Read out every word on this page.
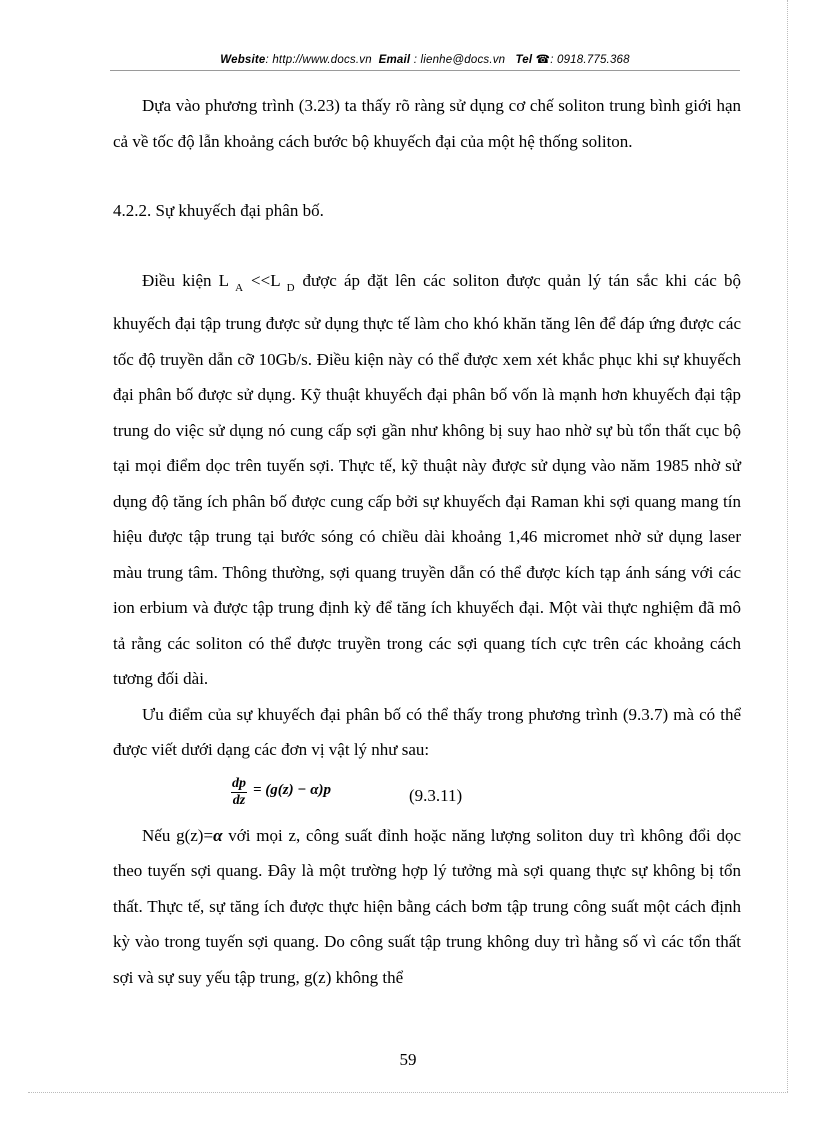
Website: http://www.docs.vn Email : lienhe@docs.vn Tel ☎: 0918.775.368

Dựa vào phương trình (3.23) ta thấy rõ ràng sử dụng cơ chế soliton trung bình giới hạn cả về tốc độ lẫn khoảng cách bước bộ khuyếch đại của một hệ thống soliton.

4.2.2. Sự khuyếch đại phân bố.

Điều kiện L $_A$ <<L $_D$ được áp đặt lên các soliton được quản lý tán sắc khi các bộ khuyếch đại tập trung được sử dụng thực tế làm cho khó khăn tăng lên để đáp ứng được các tốc độ truyền dẫn cỡ 10Gb/s. Điều kiện này có thể được xem xét khắc phục khi sự khuyếch đại phân bố được sử dụng. Kỹ thuật khuyếch đại phân bố vốn là mạnh hơn khuyếch đại tập trung do việc sử dụng nó cung cấp sợi gần như không bị suy hao nhờ sự bù tổn thất cục bộ tại mọi điểm dọc trên tuyến sợi. Thực tế, kỹ thuật này được sử dụng vào năm 1985 nhờ sử dụng độ tăng ích phân bố được cung cấp bởi sự khuyếch đại Raman khi sợi quang mang tín hiệu được tập trung tại bước sóng có chiều dài khoảng 1,46 micromet nhờ sử dụng laser màu trung tâm. Thông thường, sợi quang truyền dẫn có thể được kích tạp ánh sáng với các ion erbium và được tập trung định kỳ để tăng ích khuyếch đại. Một vài thực nghiệm đã mô tả rằng các soliton có thể được truyền trong các sợi quang tích cực trên các khoảng cách tương đối dài.

Ưu điểm của sự khuyếch đại phân bố có thể thấy trong phương trình (9.3.7) mà có thể được viết dưới dạng các đơn vị vật lý như sau:

$\frac{dp}{dz} = (g(z) - \alpha)p$	(9.3.11)

Nếu g(z)=α với mọi z, công suất đỉnh hoặc năng lượng soliton duy trì không đổi dọc theo tuyến sợi quang. Đây là một trường hợp lý tưởng mà sợi quang thực sự không bị tổn thất. Thực tế, sự tăng ích được thực hiện bằng cách bơm tập trung công suất một cách định kỳ vào trong tuyến sợi quang. Do công suất tập trung không duy trì hằng số vì các tổn thất sợi và sự suy yếu tập trung, g(z) không thể

59
